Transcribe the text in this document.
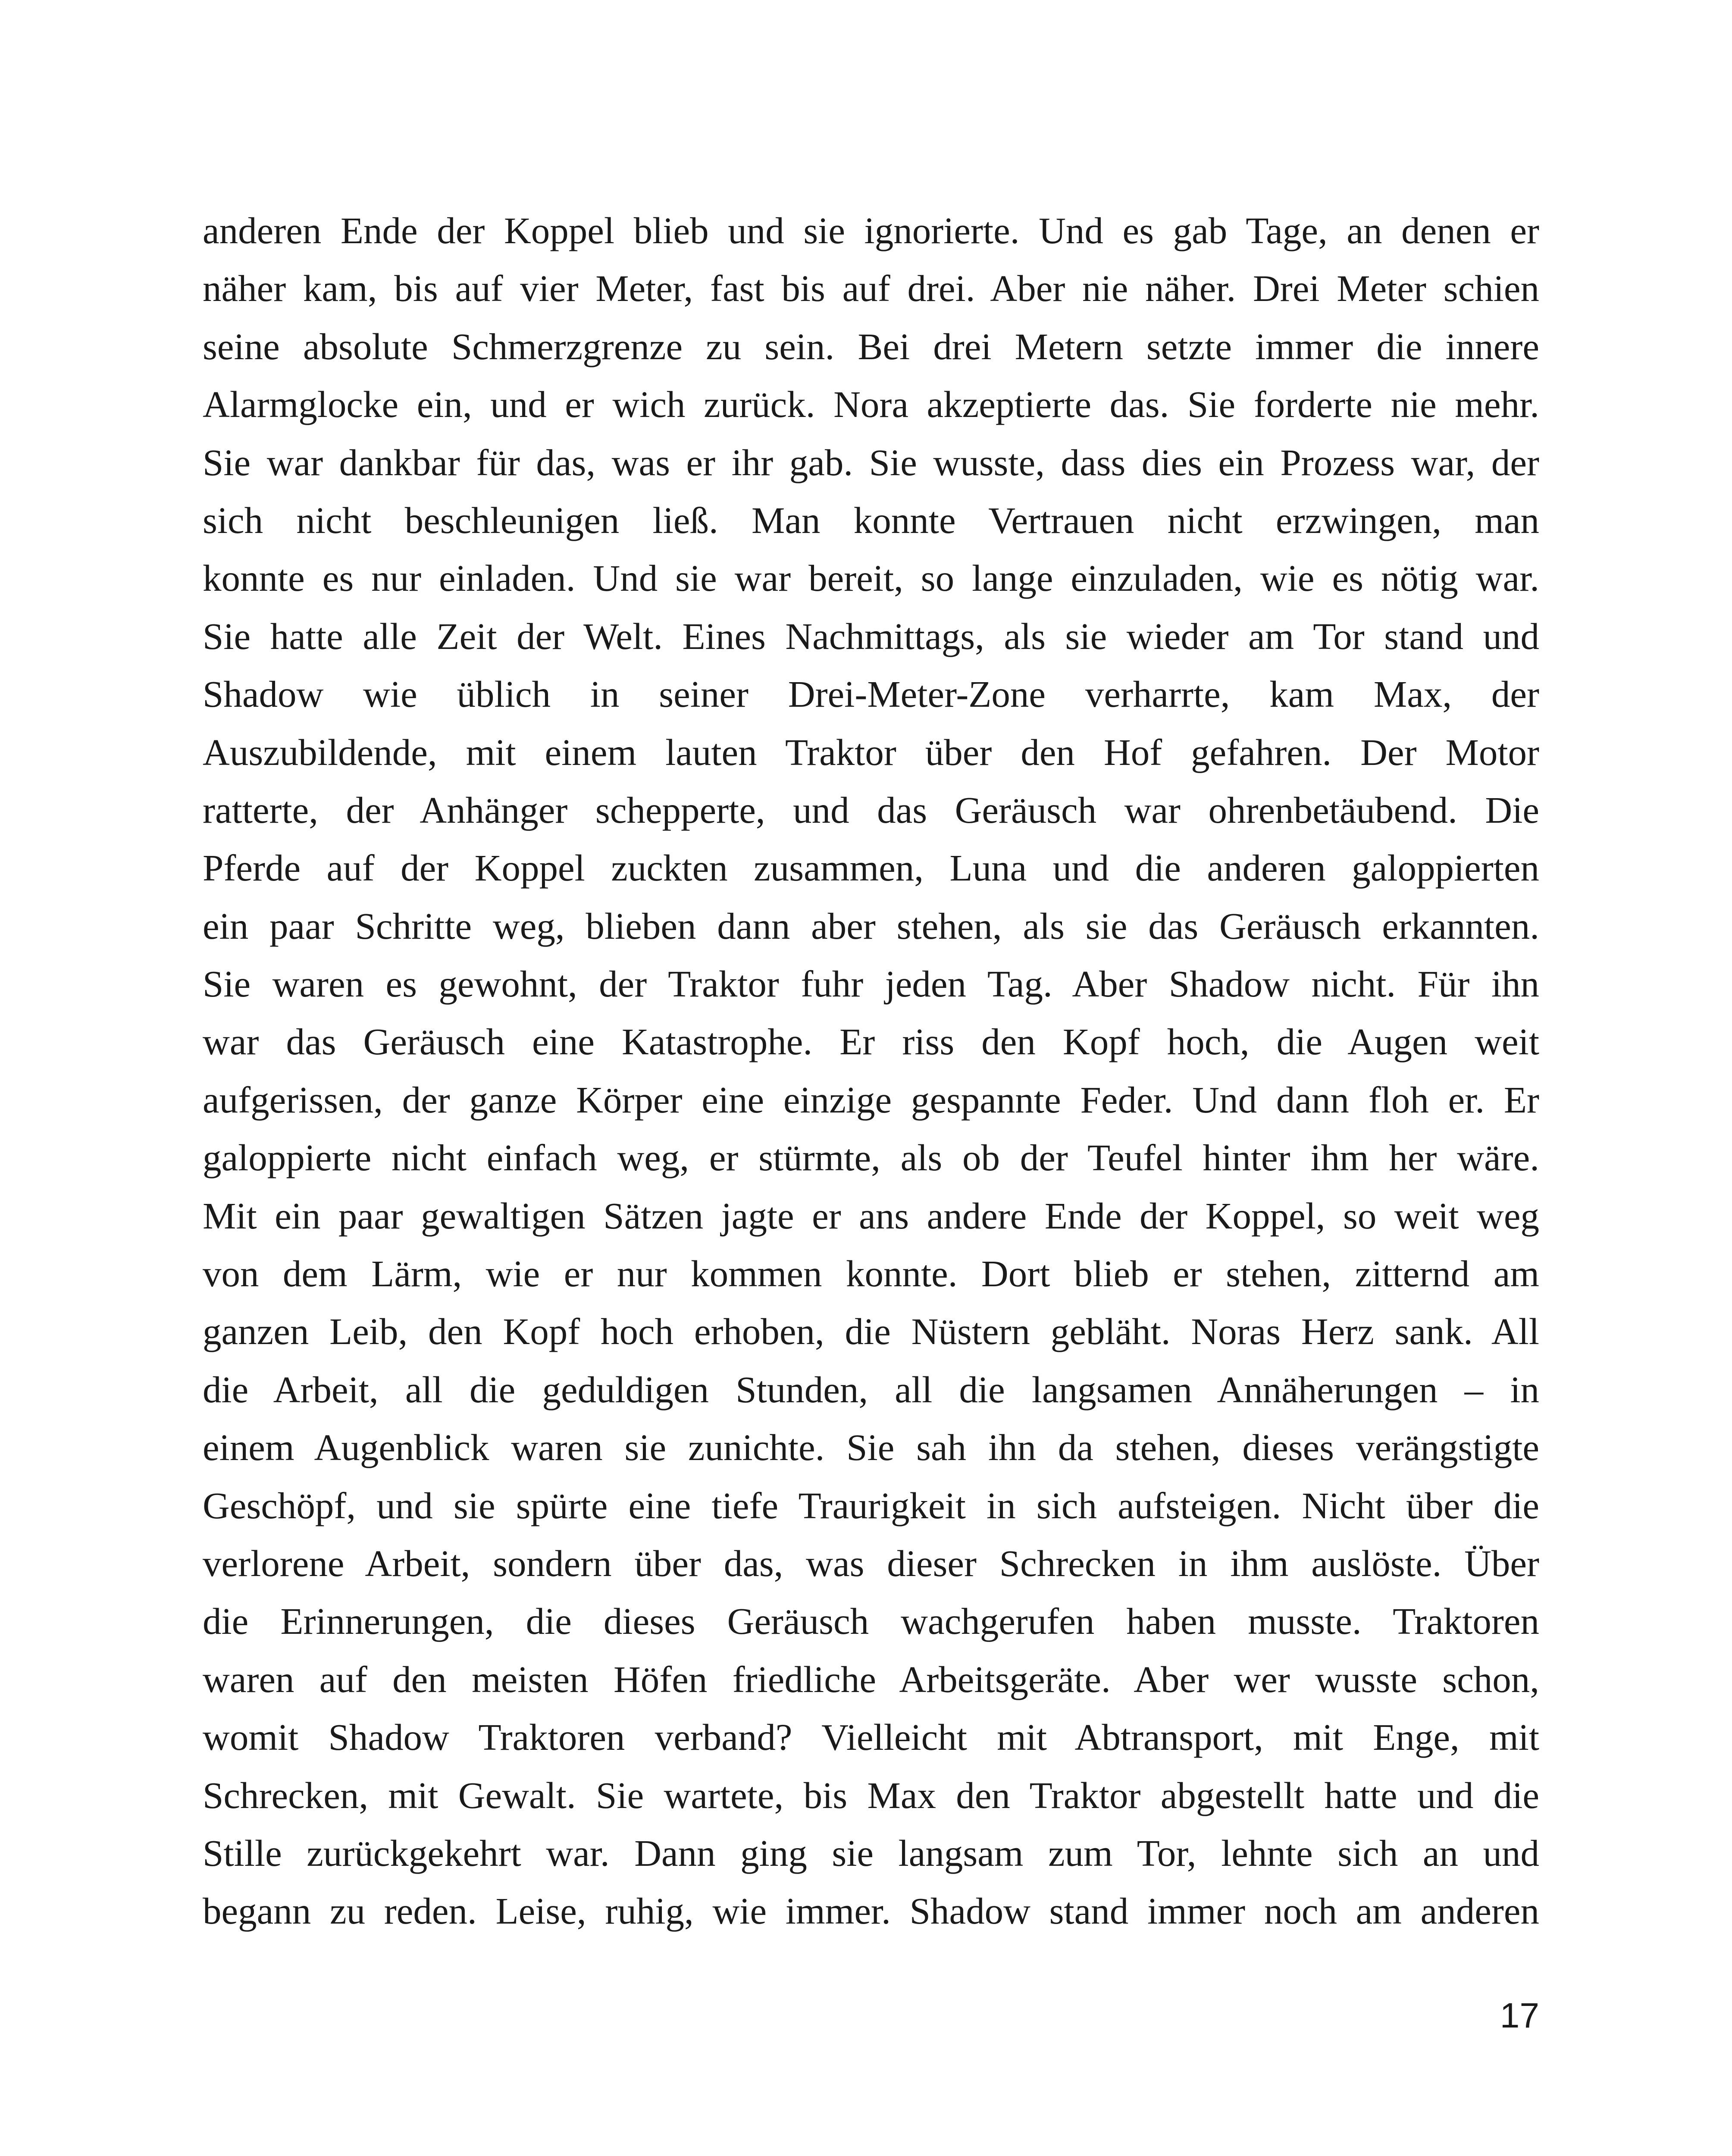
anderen Ende der Koppel blieb und sie ignorierte. Und es gab Tage, an denen er
näher kam, bis auf vier Meter, fast bis auf drei. Aber nie näher. Drei Meter schien
seine absolute Schmerzgrenze zu sein. Bei drei Metern setzte immer die innere
Alarmglocke ein, und er wich zurück. Nora akzeptierte das. Sie forderte nie mehr.
Sie war dankbar für das, was er ihr gab. Sie wusste, dass dies ein Prozess war, der
sich nicht beschleunigen ließ. Man konnte Vertrauen nicht erzwingen, man
konnte es nur einladen. Und sie war bereit, so lange einzuladen, wie es nötig war.
Sie hatte alle Zeit der Welt. Eines Nachmittags, als sie wieder am Tor stand und
Shadow wie üblich in seiner Drei-Meter-Zone verharrte, kam Max, der
Auszubildende, mit einem lauten Traktor über den Hof gefahren. Der Motor
ratterte, der Anhänger schepperte, und das Geräusch war ohrenbetäubend. Die
Pferde auf der Koppel zuckten zusammen, Luna und die anderen galoppierten
ein paar Schritte weg, blieben dann aber stehen, als sie das Geräusch erkannten.
Sie waren es gewohnt, der Traktor fuhr jeden Tag. Aber Shadow nicht. Für ihn
war das Geräusch eine Katastrophe. Er riss den Kopf hoch, die Augen weit
aufgerissen, der ganze Körper eine einzige gespannte Feder. Und dann floh er. Er
galoppierte nicht einfach weg, er stürmte, als ob der Teufel hinter ihm her wäre.
Mit ein paar gewaltigen Sätzen jagte er ans andere Ende der Koppel, so weit weg
von dem Lärm, wie er nur kommen konnte. Dort blieb er stehen, zitternd am
ganzen Leib, den Kopf hoch erhoben, die Nüstern gebläht. Noras Herz sank. All
die Arbeit, all die geduldigen Stunden, all die langsamen Annäherungen – in
einem Augenblick waren sie zunichte. Sie sah ihn da stehen, dieses verängstigte
Geschöpf, und sie spürte eine tiefe Traurigkeit in sich aufsteigen. Nicht über die
verlorene Arbeit, sondern über das, was dieser Schrecken in ihm auslöste. Über
die Erinnerungen, die dieses Geräusch wachgerufen haben musste. Traktoren
waren auf den meisten Höfen friedliche Arbeitsgeräte. Aber wer wusste schon,
womit Shadow Traktoren verband? Vielleicht mit Abtransport, mit Enge, mit
Schrecken, mit Gewalt. Sie wartete, bis Max den Traktor abgestellt hatte und die
Stille zurückgekehrt war. Dann ging sie langsam zum Tor, lehnte sich an und
begann zu reden. Leise, ruhig, wie immer. Shadow stand immer noch am anderen
17
